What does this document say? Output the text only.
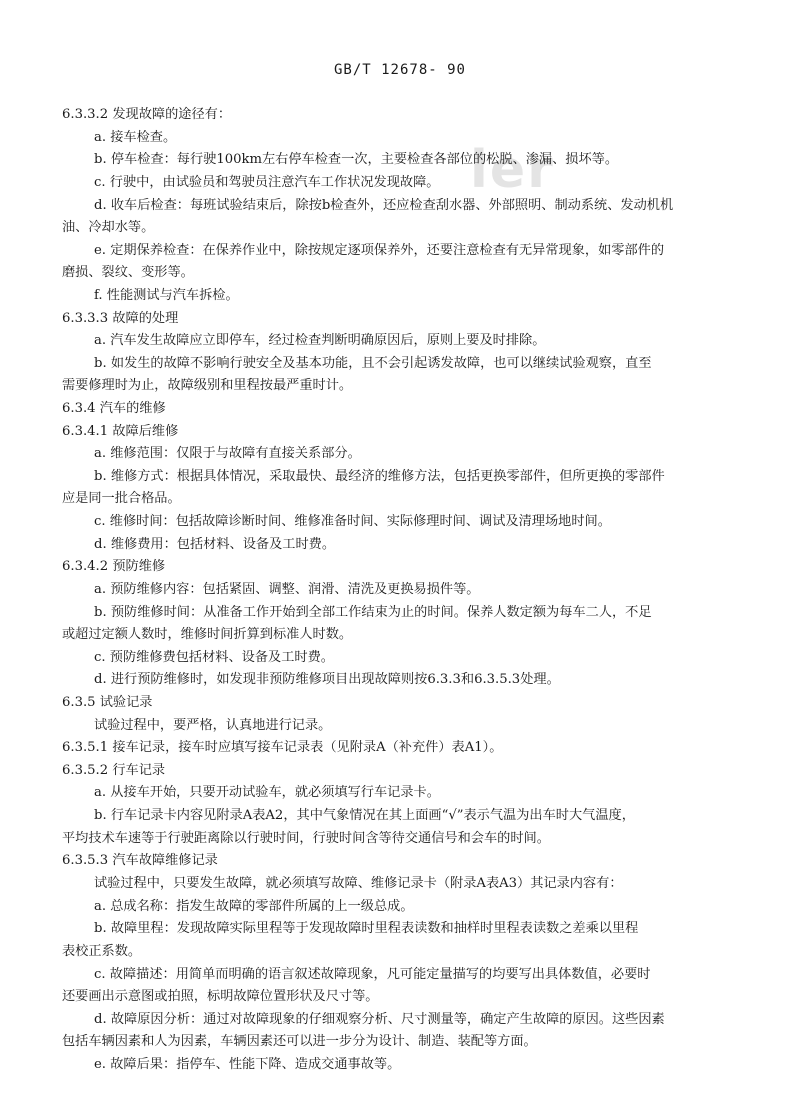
ler
GB/T 12678- 90
6.3.3.2 发现故障的途径有：
a. 接车检查。
b. 停车检查：每行驶100km左右停车检查一次，主要检查各部位的松脱、渗漏、损坏等。
c. 行驶中，由试验员和驾驶员注意汽车工作状况发现故障。
d. 收车后检查：每班试验结束后，除按b检查外，还应检查刮水器、外部照明、制动系统、发动机机
油、冷却水等。
e. 定期保养检查：在保养作业中，除按规定逐项保养外，还要注意检查有无异常现象，如零部件的
磨损、裂纹、变形等。
f. 性能测试与汽车拆检。
6.3.3.3 故障的处理
a. 汽车发生故障应立即停车，经过检查判断明确原因后，原则上要及时排除。
b. 如发生的故障不影响行驶安全及基本功能，且不会引起诱发故障，也可以继续试验观察，直至
需要修理时为止，故障级别和里程按最严重时计。
6.3.4 汽车的维修
6.3.4.1 故障后维修
a. 维修范围：仅限于与故障有直接关系部分。
b. 维修方式：根据具体情况，采取最快、最经济的维修方法，包括更换零部件，但所更换的零部件
应是同一批合格品。
c. 维修时间：包括故障诊断时间、维修准备时间、实际修理时间、调试及清理场地时间。
d. 维修费用：包括材料、设备及工时费。
6.3.4.2 预防维修
a. 预防维修内容：包括紧固、调整、润滑、清洗及更换易损件等。
b. 预防维修时间：从准备工作开始到全部工作结束为止的时间。保养人数定额为每车二人，不足
或超过定额人数时，维修时间折算到标准人时数。
c. 预防维修费包括材料、设备及工时费。
d. 进行预防维修时，如发现非预防维修项目出现故障则按6.3.3和6.3.5.3处理。
6.3.5 试验记录
试验过程中，要严格，认真地进行记录。
6.3.5.1 接车记录，接车时应填写接车记录表（见附录A（补充件）表A1）。
6.3.5.2 行车记录
a. 从接车开始，只要开动试验车，就必须填写行车记录卡。
b. 行车记录卡内容见附录A表A2，其中气象情况在其上面画“√”表示气温为出车时大气温度，
平均技术车速等于行驶距离除以行驶时间，行驶时间含等待交通信号和会车的时间。
6.3.5.3 汽车故障维修记录
试验过程中，只要发生故障，就必须填写故障、维修记录卡（附录A表A3）其记录内容有：
a. 总成名称：指发生故障的零部件所属的上一级总成。
b. 故障里程：发现故障实际里程等于发现故障时里程表读数和抽样时里程表读数之差乘以里程
表校正系数。
c. 故障描述：用简单而明确的语言叙述故障现象，凡可能定量描写的均要写出具体数值，必要时
还要画出示意图或拍照，标明故障位置形状及尺寸等。
d. 故障原因分析：通过对故障现象的仔细观察分析、尺寸测量等，确定产生故障的原因。这些因素
包括车辆因素和人为因素，车辆因素还可以进一步分为设计、制造、装配等方面。
e. 故障后果：指停车、性能下降、造成交通事故等。
